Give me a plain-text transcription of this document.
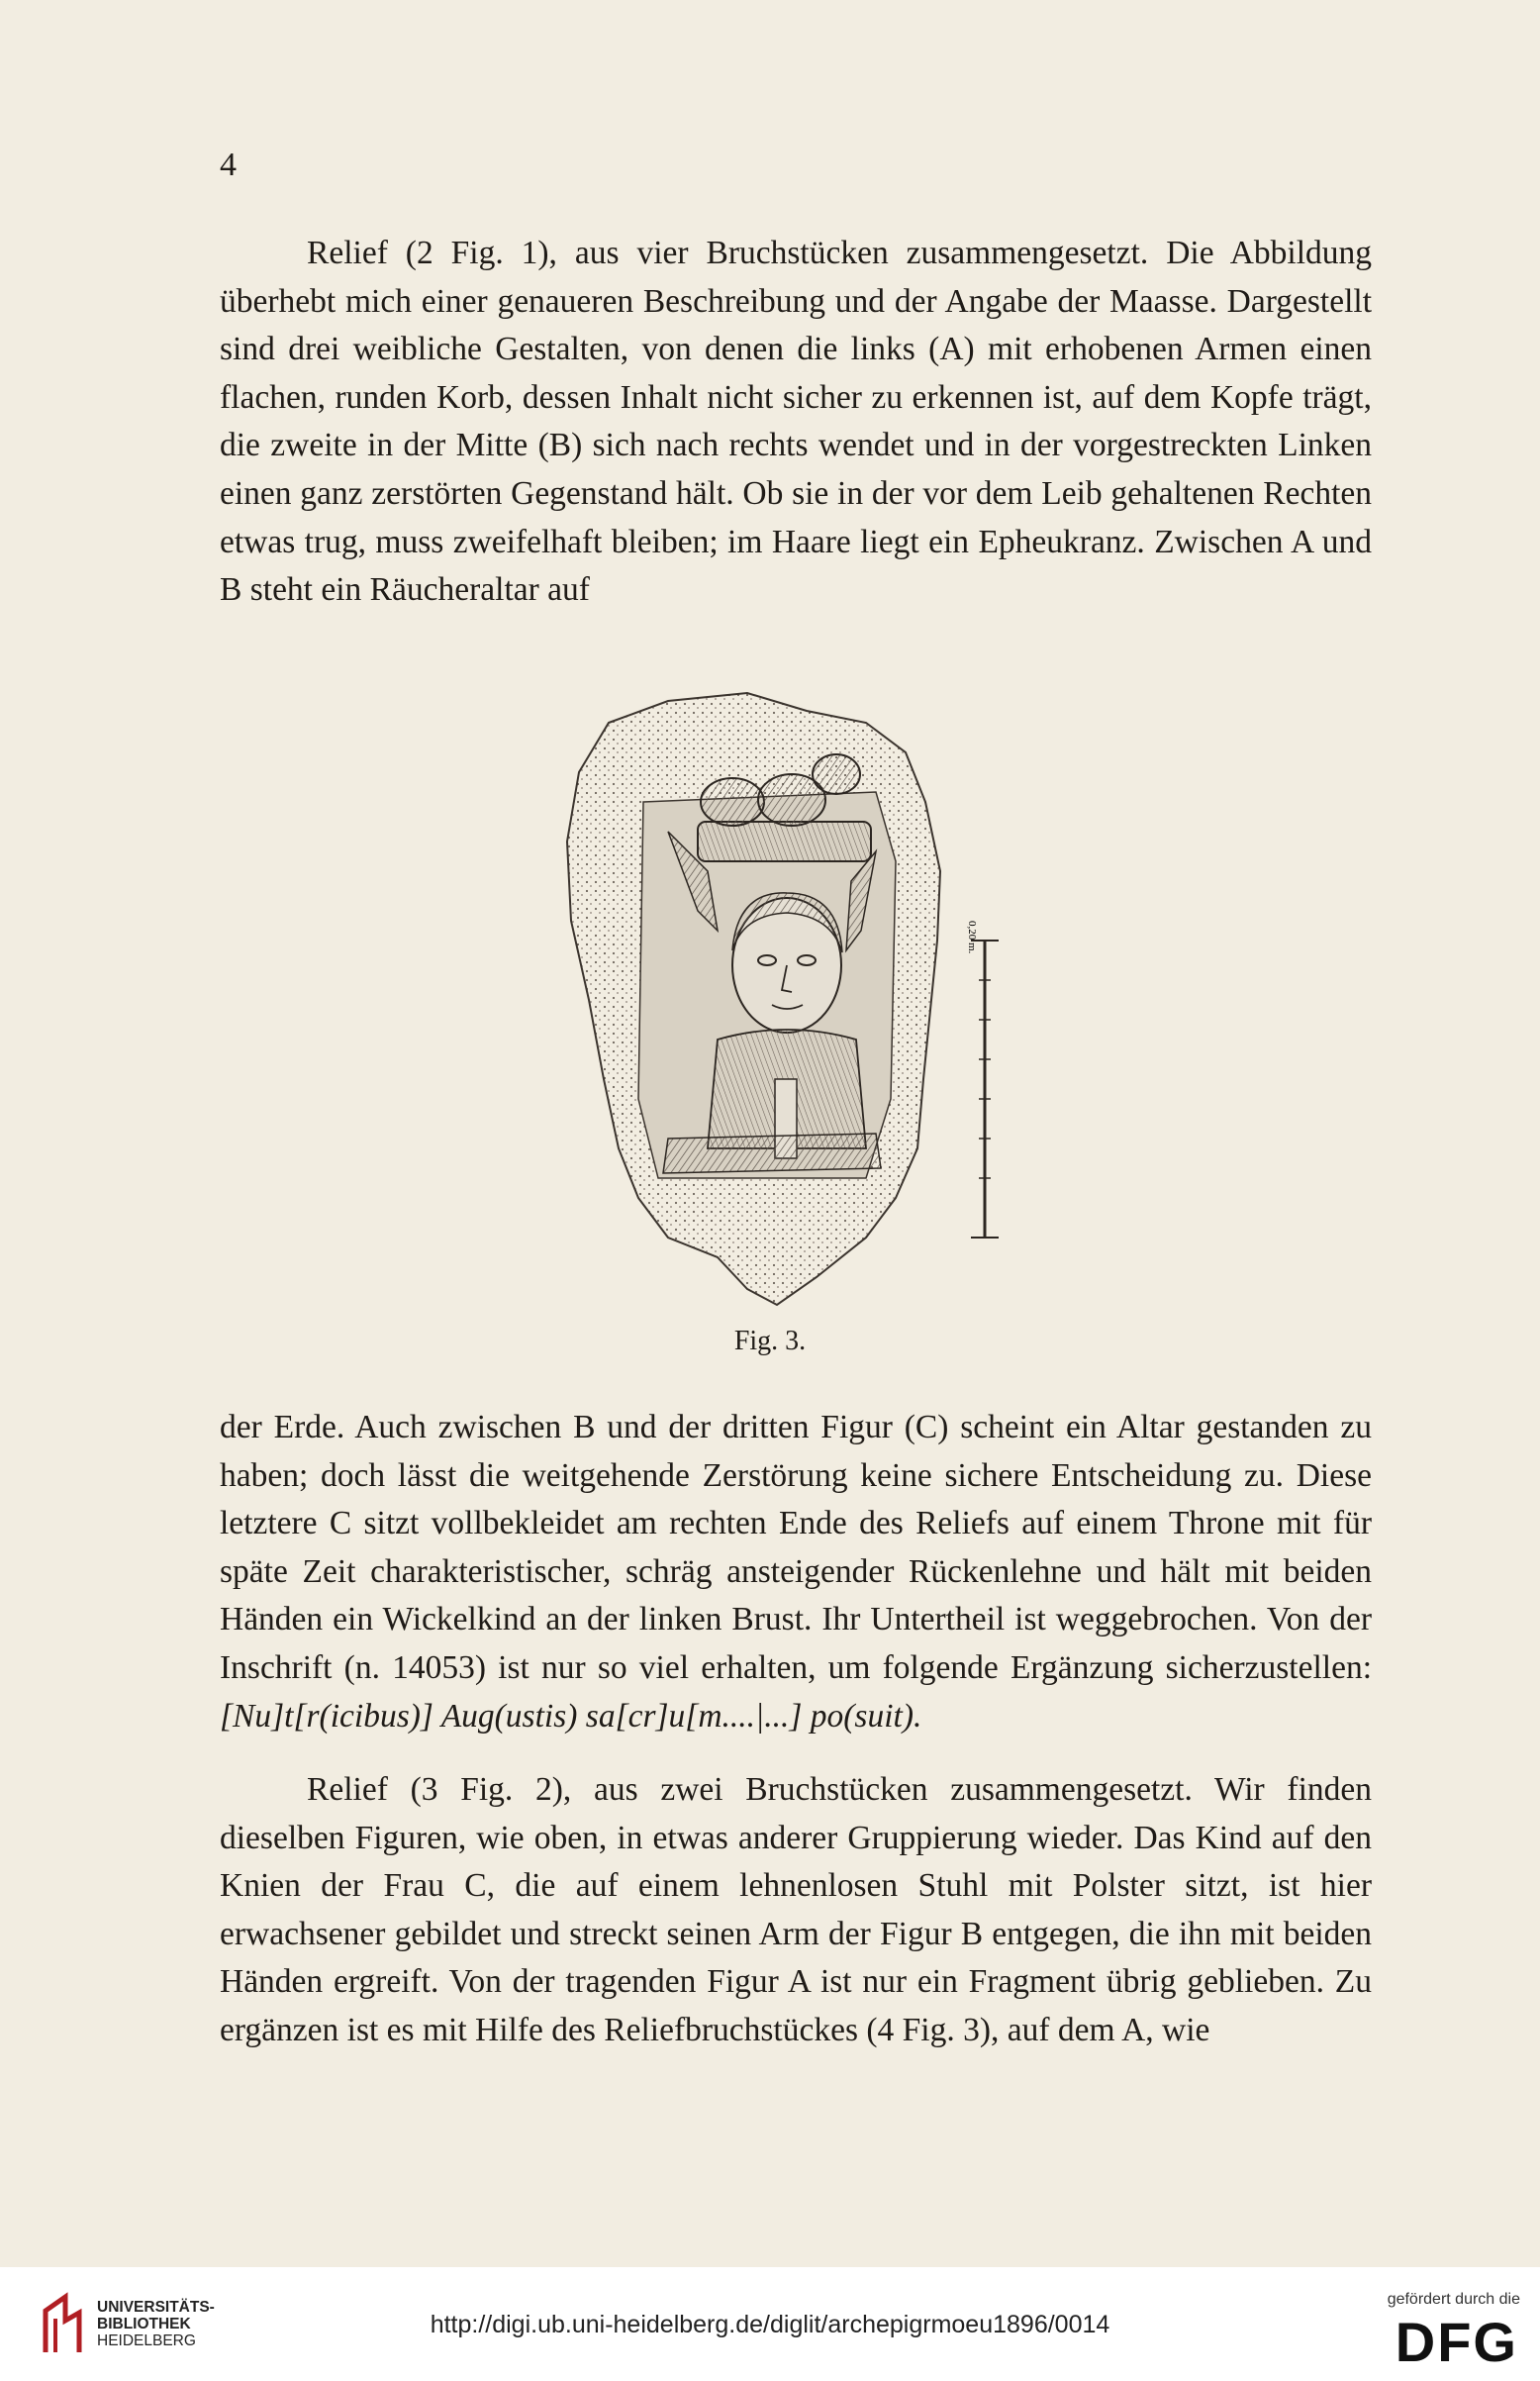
4

Relief (2 Fig. 1), aus vier Bruchstücken zusammengesetzt. Die Abbildung überhebt mich einer genaueren Beschreibung und der Angabe der Maasse. Dargestellt sind drei weibliche Gestalten, von denen die links (A) mit erhobenen Armen einen flachen, runden Korb, dessen Inhalt nicht sicher zu erkennen ist, auf dem Kopfe trägt, die zweite in der Mitte (B) sich nach rechts wendet und in der vorgestreckten Linken einen ganz zerstörten Gegenstand hält. Ob sie in der vor dem Leib gehaltenen Rechten etwas trug, muss zweifelhaft bleiben; im Haare liegt ein Epheukranz. Zwischen A und B steht ein Räucheraltar auf

0,20 m.
Fig. 3.

der Erde. Auch zwischen B und der dritten Figur (C) scheint ein Altar gestanden zu haben; doch lässt die weitgehende Zerstörung keine sichere Entscheidung zu. Diese letztere C sitzt vollbekleidet am rechten Ende des Reliefs auf einem Throne mit für späte Zeit charakteristischer, schräg ansteigender Rückenlehne und hält mit beiden Händen ein Wickelkind an der linken Brust. Ihr Untertheil ist weggebrochen. Von der Inschrift (n. 14053) ist nur so viel erhalten, um folgende Ergänzung sicherzustellen: [Nu]t[r(icibus)] Aug(ustis) sa[cr]u[m....|...] po(suit).

Relief (3 Fig. 2), aus zwei Bruchstücken zusammengesetzt. Wir finden dieselben Figuren, wie oben, in etwas anderer Gruppierung wieder. Das Kind auf den Knien der Frau C, die auf einem lehnenlosen Stuhl mit Polster sitzt, ist hier erwachsener gebildet und streckt seinen Arm der Figur B entgegen, die ihn mit beiden Händen ergreift. Von der tragenden Figur A ist nur ein Fragment übrig geblieben. Zu ergänzen ist es mit Hilfe des Reliefbruchstückes (4 Fig. 3), auf dem A, wie

UNIVERSITÄTS-
BIBLIOTHEK
HEIDELBERG
http://digi.ub.uni-heidelberg.de/diglit/archepigrmoeu1896/0014
gefördert durch die
DFG
